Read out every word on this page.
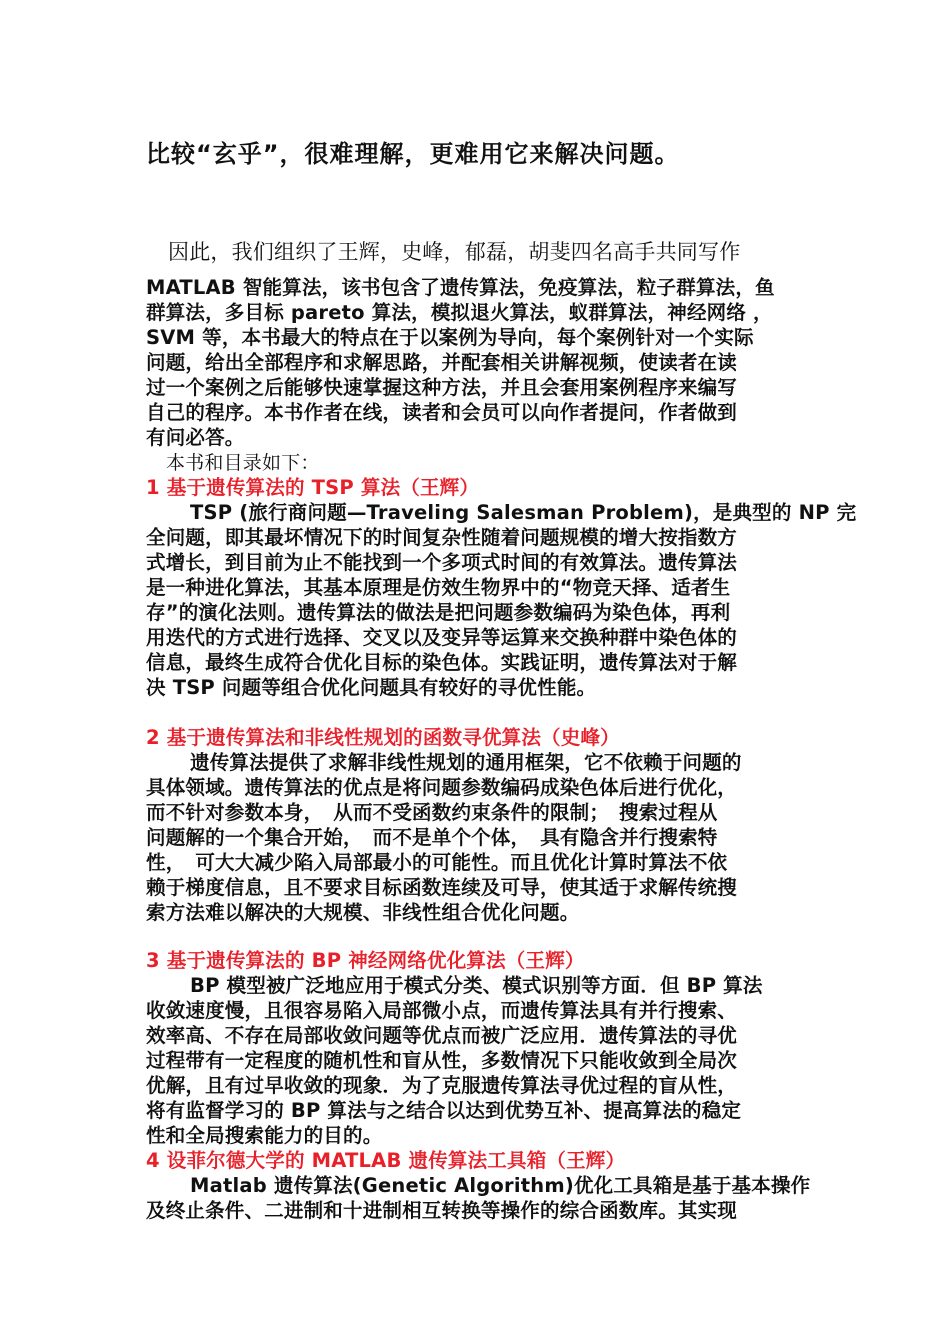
比较“玄乎”，很难理解，更难用它来解决问题。
因此，我们组织了王辉，史峰，郁磊，胡斐四名高手共同写作
MATLAB 智能算法，该书包含了遗传算法，免疫算法，粒子群算法，鱼
群算法，多目标 pareto 算法，模拟退火算法，蚁群算法，神经网络 ，
SVM 等，本书最大的特点在于以案例为导向，每个案例针对一个实际
问题，给出全部程序和求解思路，并配套相关讲解视频，使读者在读
过一个案例之后能够快速掌握这种方法，并且会套用案例程序来编写
自己的程序。本书作者在线，读者和会员可以向作者提问，作者做到
有问必答。
本书和目录如下：
1 基于遗传算法的 TSP 算法（王辉）
TSP (旅行商问题—Traveling Salesman Problem)，是典型的 NP 完
全问题，即其最坏情况下的时间复杂性随着问题规模的增大按指数方
式增长，到目前为止不能找到一个多项式时间的有效算法。遗传算法
是一种进化算法，其基本原理是仿效生物界中的“物竞天择、适者生
存”的演化法则。遗传算法的做法是把问题参数编码为染色体，再利
用迭代的方式进行选择、交叉以及变异等运算来交换种群中染色体的
信息，最终生成符合优化目标的染色体。实践证明，遗传算法对于解
决 TSP 问题等组合优化问题具有较好的寻优性能。
2 基于遗传算法和非线性规划的函数寻优算法（史峰）
遗传算法提供了求解非线性规划的通用框架，它不依赖于问题的
具体领域。遗传算法的优点是将问题参数编码成染色体后进行优化，
而不针对参数本身，　从而不受函数约束条件的限制；　搜索过程从
问题解的一个集合开始，　而不是单个个体，　具有隐含并行搜索特
性，　可大大减少陷入局部最小的可能性。而且优化计算时算法不依
赖于梯度信息，且不要求目标函数连续及可导，使其适于求解传统搜
索方法难以解决的大规模、非线性组合优化问题。
3 基于遗传算法的 BP 神经网络优化算法（王辉）
BP 模型被广泛地应用于模式分类、模式识别等方面．但 BP 算法
收敛速度慢，且很容易陷入局部微小点，而遗传算法具有并行搜索、
效率高、不存在局部收敛问题等优点而被广泛应用．遗传算法的寻优
过程带有一定程度的随机性和盲从性，多数情况下只能收敛到全局次
优解，且有过早收敛的现象．为了克服遗传算法寻优过程的盲从性，
将有监督学习的 BP 算法与之结合以达到优势互补、提高算法的稳定
性和全局搜索能力的目的。
4 设菲尔德大学的 MATLAB 遗传算法工具箱（王辉）
Matlab 遗传算法(Genetic Algorithm)优化工具箱是基于基本操作
及终止条件、二进制和十进制相互转换等操作的综合函数库。其实现
